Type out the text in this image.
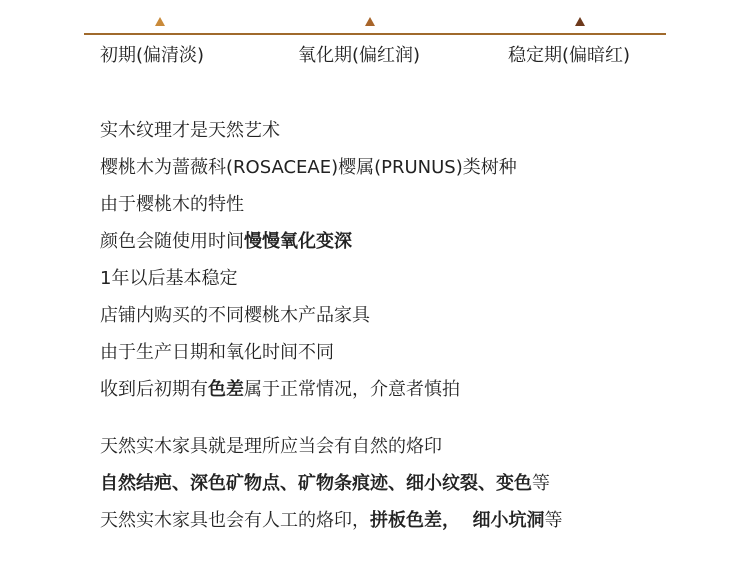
初期(偏清淡)	氧化期(偏红润)	稳定期(偏暗红)

实木纹理才是天然艺术

樱桃木为蔷薇科(ROSACEAE)樱属(PRUNUS)类树种

由于樱桃木的特性

颜色会随使用时间慢慢氧化变深

1年以后基本稳定

店铺内购买的不同樱桃木产品家具

由于生产日期和氧化时间不同

收到后初期有色差属于正常情况，介意者慎拍

天然实木家具就是理所应当会有自然的烙印

自然结疤、深色矿物点、矿物条痕迹、细小纹裂、变色等

天然实木家具也会有人工的烙印，拼板色差，  细小坑洞等
